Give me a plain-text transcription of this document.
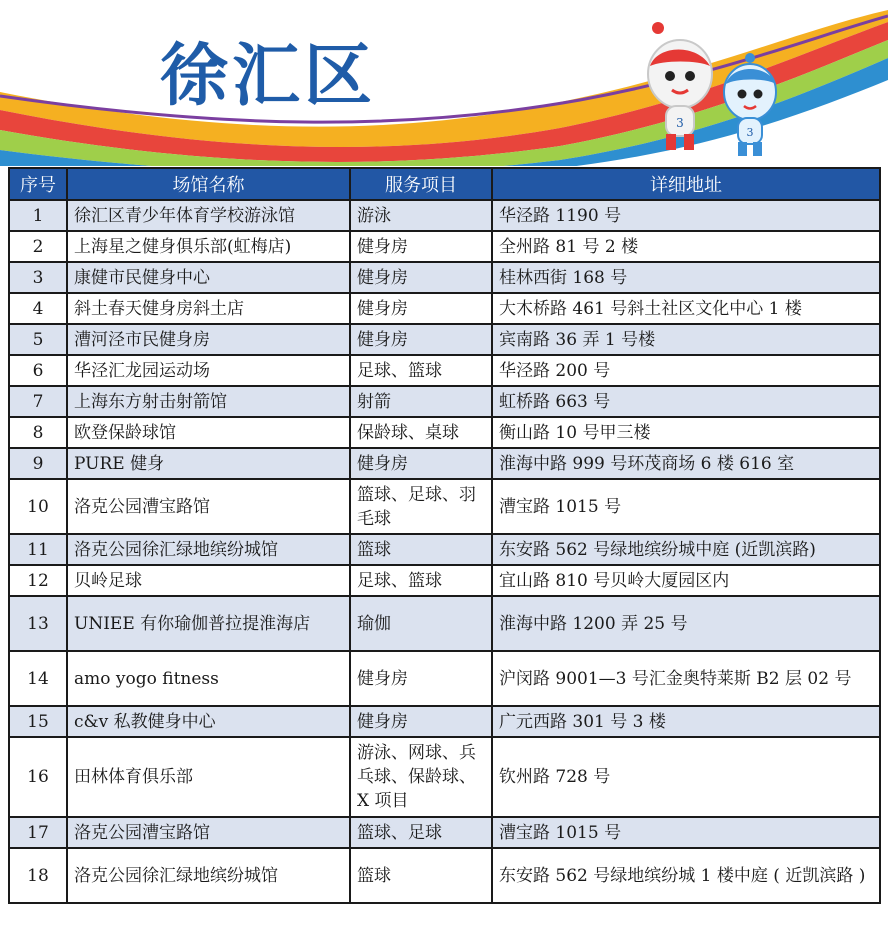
徐汇区
3
3
序号	场馆名称	服务项目	详细地址
1	徐汇区青少年体育学校游泳馆	游泳	华泾路 1190 号
2	上海星之健身俱乐部(虹梅店)	健身房	全州路 81 号 2 楼
3	康健市民健身中心	健身房	桂林西街 168 号
4	斜土春天健身房斜土店	健身房	大木桥路 461 号斜土社区文化中心 1 楼
5	漕河泾市民健身房	健身房	宾南路 36 弄 1 号楼
6	华泾汇龙园运动场	足球、篮球	华泾路 200 号
7	上海东方射击射箭馆	射箭	虹桥路 663 号
8	欧登保龄球馆	保龄球、桌球	衡山路 10 号甲三楼
9	PURE 健身	健身房	淮海中路 999 号环茂商场 6 楼 616 室
10	洛克公园漕宝路馆	篮球、足球、羽毛球	漕宝路 1015 号
11	洛克公园徐汇绿地缤纷城馆	篮球	东安路 562 号绿地缤纷城中庭 (近凯滨路)
12	贝岭足球	足球、篮球	宜山路 810 号贝岭大厦园区内
13	UNIEE 有你瑜伽普拉提淮海店	瑜伽	淮海中路 1200 弄 25 号
14	amo yogo fitness	健身房	沪闵路 9001—3 号汇金奥特莱斯 B2 层 02 号
15	c&v 私教健身中心	健身房	广元西路 301 号 3 楼
16	田林体育俱乐部	游泳、网球、兵乓球、保龄球、X 项目	钦州路 728 号
17	洛克公园漕宝路馆	篮球、足球	漕宝路 1015 号
18	洛克公园徐汇绿地缤纷城馆	篮球	东安路 562 号绿地缤纷城 1 楼中庭 ( 近凯滨路 )
